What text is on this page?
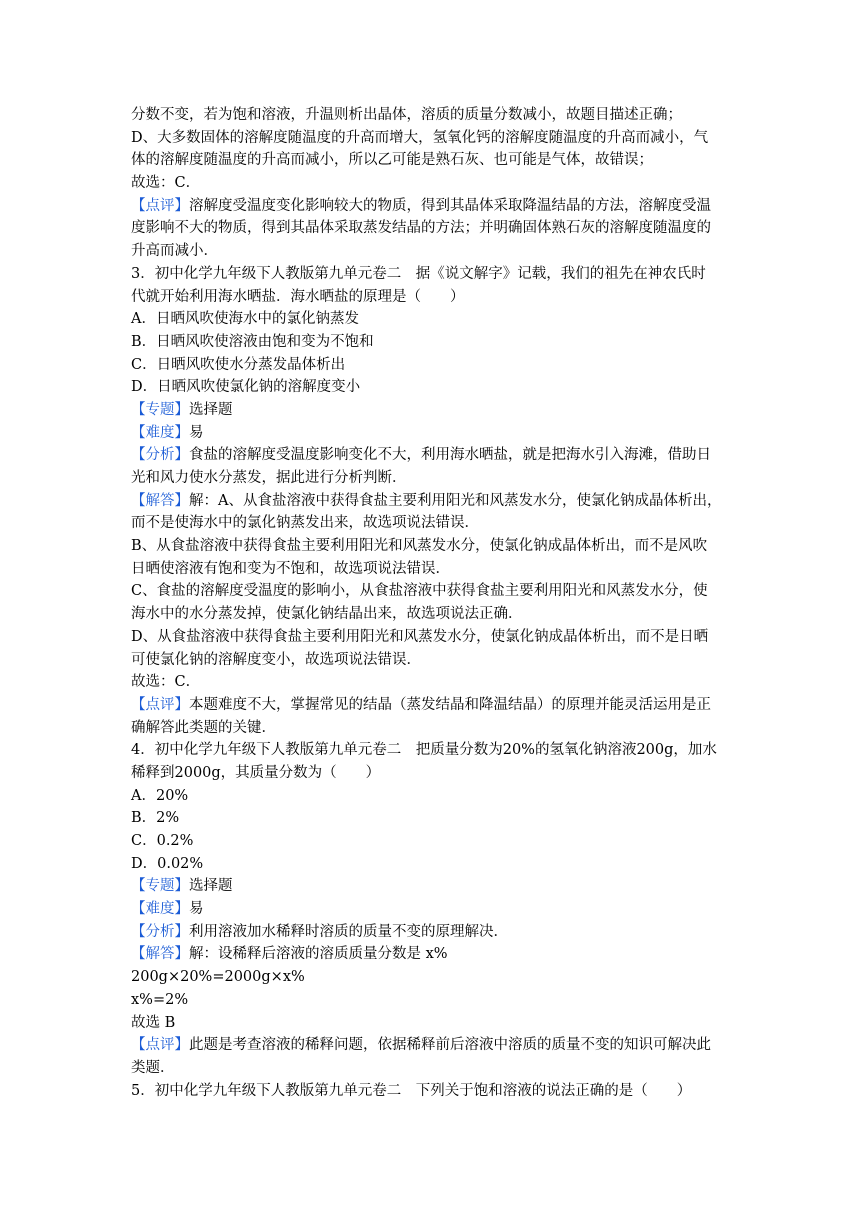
分数不变，若为饱和溶液，升温则析出晶体，溶质的质量分数减小，故题目描述正确；
D、大多数固体的溶解度随温度的升高而增大，氢氧化钙的溶解度随温度的升高而减小，气
体的溶解度随温度的升高而减小，所以乙可能是熟石灰、也可能是气体，故错误；
故选：C．
【点评】溶解度受温度变化影响较大的物质，得到其晶体采取降温结晶的方法，溶解度受温
度影响不大的物质，得到其晶体采取蒸发结晶的方法；并明确固体熟石灰的溶解度随温度的
升高而减小．
3．初中化学九年级下人教版第九单元卷二　据《说文解字》记载，我们的祖先在神农氏时
代就开始利用海水晒盐．海水晒盐的原理是（　　）
A．日晒风吹使海水中的氯化钠蒸发
B．日晒风吹使溶液由饱和变为不饱和
C．日晒风吹使水分蒸发晶体析出
D．日晒风吹使氯化钠的溶解度变小
【专题】选择题
【难度】易
【分析】食盐的溶解度受温度影响变化不大，利用海水晒盐，就是把海水引入海滩，借助日
光和风力使水分蒸发，据此进行分析判断．
【解答】解：A、从食盐溶液中获得食盐主要利用阳光和风蒸发水分，使氯化钠成晶体析出，
而不是使海水中的氯化钠蒸发出来，故选项说法错误．
B、从食盐溶液中获得食盐主要利用阳光和风蒸发水分，使氯化钠成晶体析出，而不是风吹
日晒使溶液有饱和变为不饱和，故选项说法错误．
C、食盐的溶解度受温度的影响小，从食盐溶液中获得食盐主要利用阳光和风蒸发水分，使
海水中的水分蒸发掉，使氯化钠结晶出来，故选项说法正确．
D、从食盐溶液中获得食盐主要利用阳光和风蒸发水分，使氯化钠成晶体析出，而不是日晒
可使氯化钠的溶解度变小，故选项说法错误．
故选：C．
【点评】本题难度不大，掌握常见的结晶（蒸发结晶和降温结晶）的原理并能灵活运用是正
确解答此类题的关键．
4．初中化学九年级下人教版第九单元卷二　把质量分数为20%的氢氧化钠溶液200g，加水
稀释到2000g，其质量分数为（　　）
A．20%
B．2%
C．0.2%
D．0.02%
【专题】选择题
【难度】易
【分析】利用溶液加水稀释时溶质的质量不变的原理解决．
【解答】解：设稀释后溶液的溶质质量分数是 x%
200g×20%=2000g×x%
x%=2%
故选 B
【点评】此题是考查溶液的稀释问题，依据稀释前后溶液中溶质的质量不变的知识可解决此
类题．
5．初中化学九年级下人教版第九单元卷二　下列关于饱和溶液的说法正确的是（　　）
